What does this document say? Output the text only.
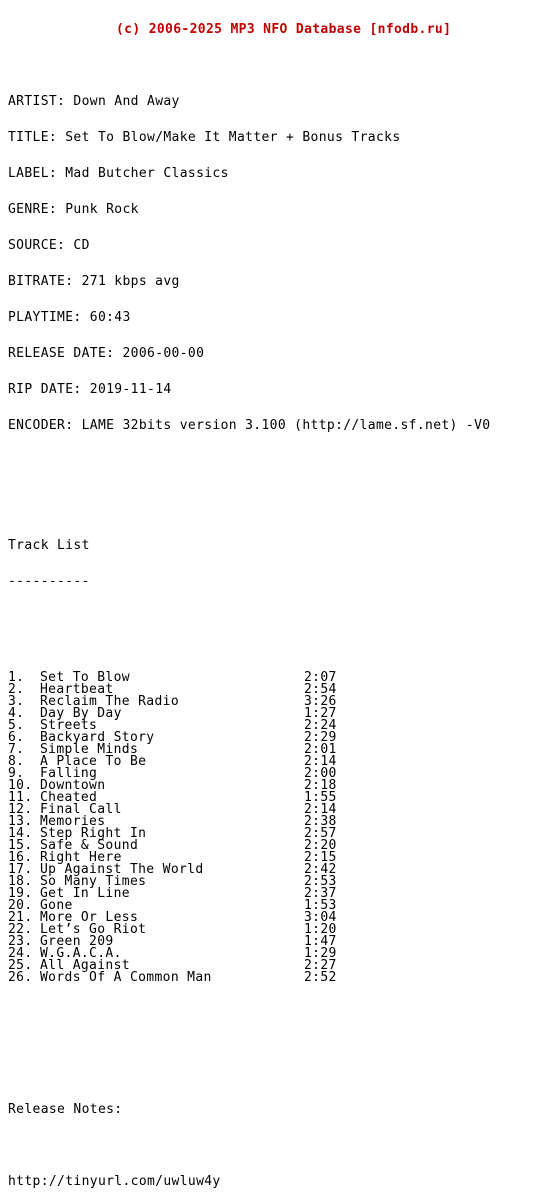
(c) 2006-2025 MP3 NFO Database [nfodb.ru]

ARTIST: Down And Away

TITLE: Set To Blow/Make It Matter + Bonus Tracks

LABEL: Mad Butcher Classics

GENRE: Punk Rock

SOURCE: CD

BITRATE: 271 kbps avg

PLAYTIME: 60:43

RELEASE DATE: 2006-00-00

RIP DATE: 2019-11-14

ENCODER: LAME 32bits version 3.100 (http://lame.sf.net) -V0

Track List

----------

1. Set To Blow	2:07
2. Heartbeat	2:54
3. Reclaim The Radio	3:26
4. Day By Day	1:27
5. Streets	2:24
6. Backyard Story	2:29
7. Simple Minds	2:01
8. A Place To Be	2:14
9. Falling	2:00
10. Downtown	2:18
11. Cheated	1:55
12. Final Call	2:14
13. Memories	2:38
14. Step Right In	2:57
15. Safe & Sound	2:20
16. Right Here	2:15
17. Up Against The World	2:42
18. So Many Times	2:53
19. Get In Line	2:37
20. Gone	1:53
21. More Or Less	3:04
22. Let’s Go Riot	1:20
23. Green 209	1:47
24. W.G.A.C.A.	1:29
25. All Against	2:27
26. Words Of A Common Man	2:52

Release Notes:

http://tinyurl.com/uwluw4y
